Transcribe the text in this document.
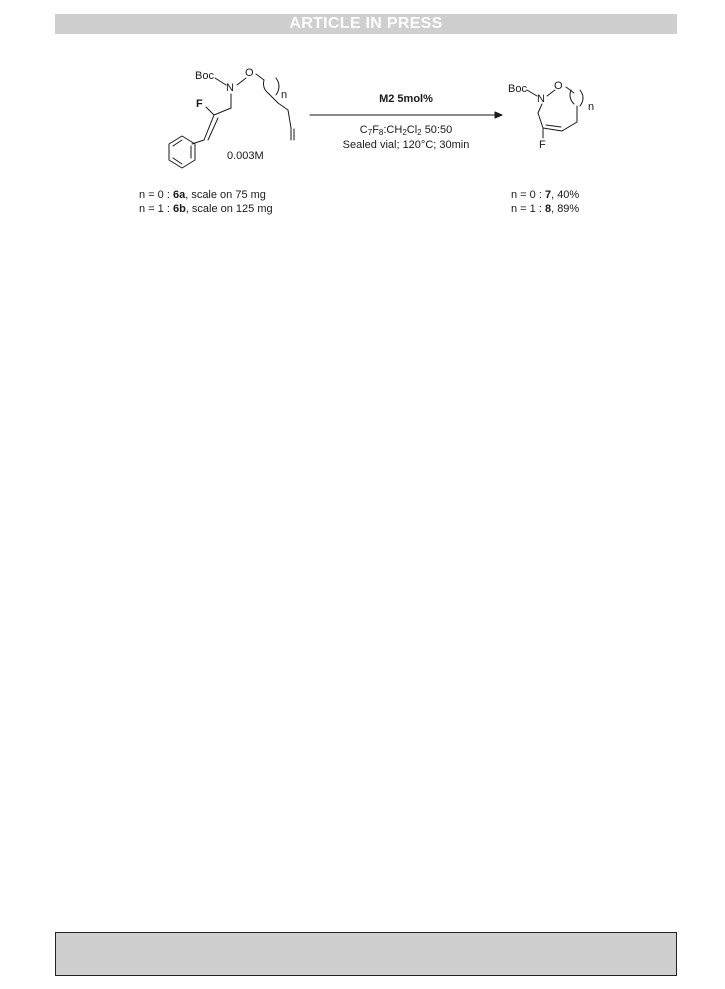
ARTICLE IN PRESS
Boc
N
O
n
F
0.003M
M2 5mol%
$C_7F_8:CH_2Cl_2$ 50:50
Sealed vial; 120°C; 30min
Boc
N
O
n
F
n = 0 : 6a, scale on 75 mg
n = 1 : 6b, scale on 125 mg
n = 0 : 7, 40%
n = 1 : 8, 89%
